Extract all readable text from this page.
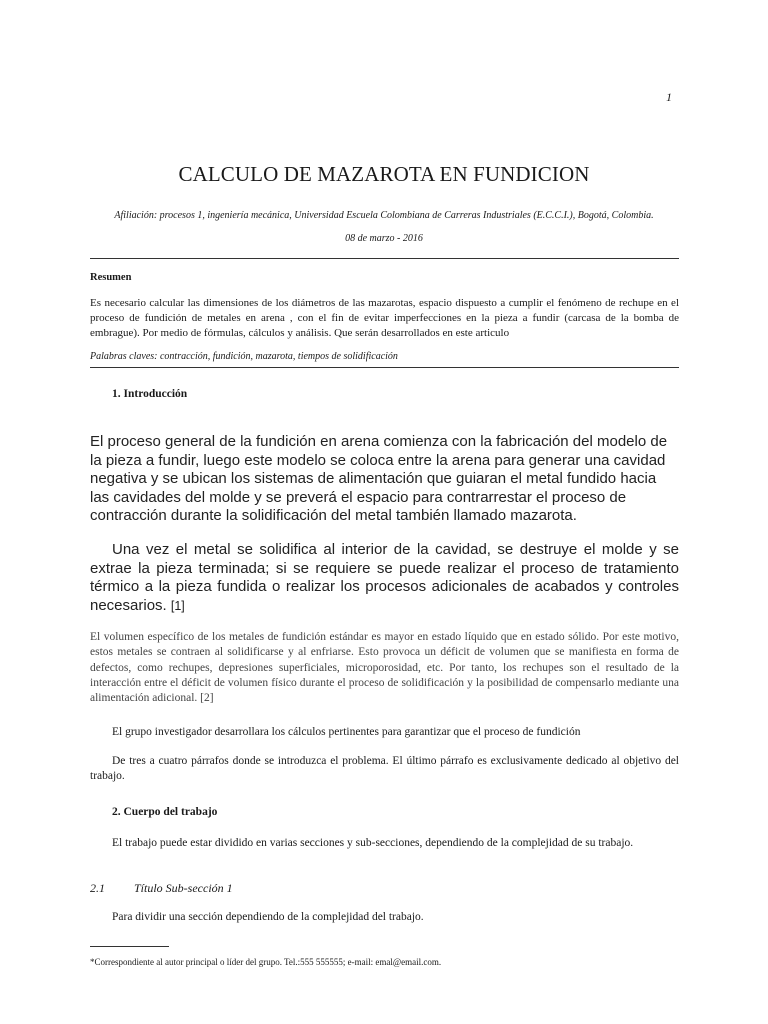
1
CALCULO DE MAZAROTA EN FUNDICION
Afiliación: procesos 1, ingeniería mecánica, Universidad Escuela Colombiana de Carreras Industriales (E.C.C.I.), Bogotá, Colombia.
08 de marzo - 2016
Resumen
Es necesario calcular las dimensiones de los diámetros de las mazarotas, espacio dispuesto a cumplir el fenómeno de rechupe en el proceso de fundición de metales en arena , con el fin de evitar imperfecciones en la pieza a fundir (carcasa de la bomba de embrague). Por medio de fórmulas, cálculos y análisis. Que serán desarrollados en este articulo
Palabras claves: contracción, fundición, mazarota, tiempos de solidificación
1. Introducción
El proceso general de la fundición en arena comienza con la fabricación del modelo de la pieza a fundir, luego este modelo se coloca entre la arena para generar una cavidad negativa y se ubican los sistemas de alimentación que guiaran el metal fundido hacia las cavidades del molde y se preverá el espacio para contrarrestar el proceso de contracción durante la solidificación del metal también llamado mazarota.
Una vez el metal se solidifica al interior de la cavidad, se destruye el molde y se extrae la pieza terminada; si se requiere se puede realizar el proceso de tratamiento térmico a la pieza fundida o realizar los procesos adicionales de acabados y controles necesarios. [1]
El volumen específico de los metales de fundición estándar es mayor en estado líquido que en estado sólido. Por este motivo, estos metales se contraen al solidificarse y al enfriarse. Esto provoca un déficit de volumen que se manifiesta en forma de defectos, como rechupes, depresiones superficiales, microporosidad, etc. Por tanto, los rechupes son el resultado de la interacción entre el déficit de volumen físico durante el proceso de solidificación y la posibilidad de compensarlo mediante una alimentación adicional. [2]
El grupo investigador desarrollara los cálculos pertinentes para garantizar que el proceso de fundición
De tres a cuatro párrafos donde se introduzca el problema. El último párrafo es exclusivamente dedicado al objetivo del trabajo.
2. Cuerpo del trabajo
El trabajo puede estar dividido en varias secciones y sub-secciones, dependiendo de la complejidad de su trabajo.
2.1 Título Sub-sección 1
Para dividir una sección dependiendo de la complejidad del trabajo.
*Correspondiente al autor principal o líder del grupo. Tel.:555 555555; e-mail: emal@email.com.
